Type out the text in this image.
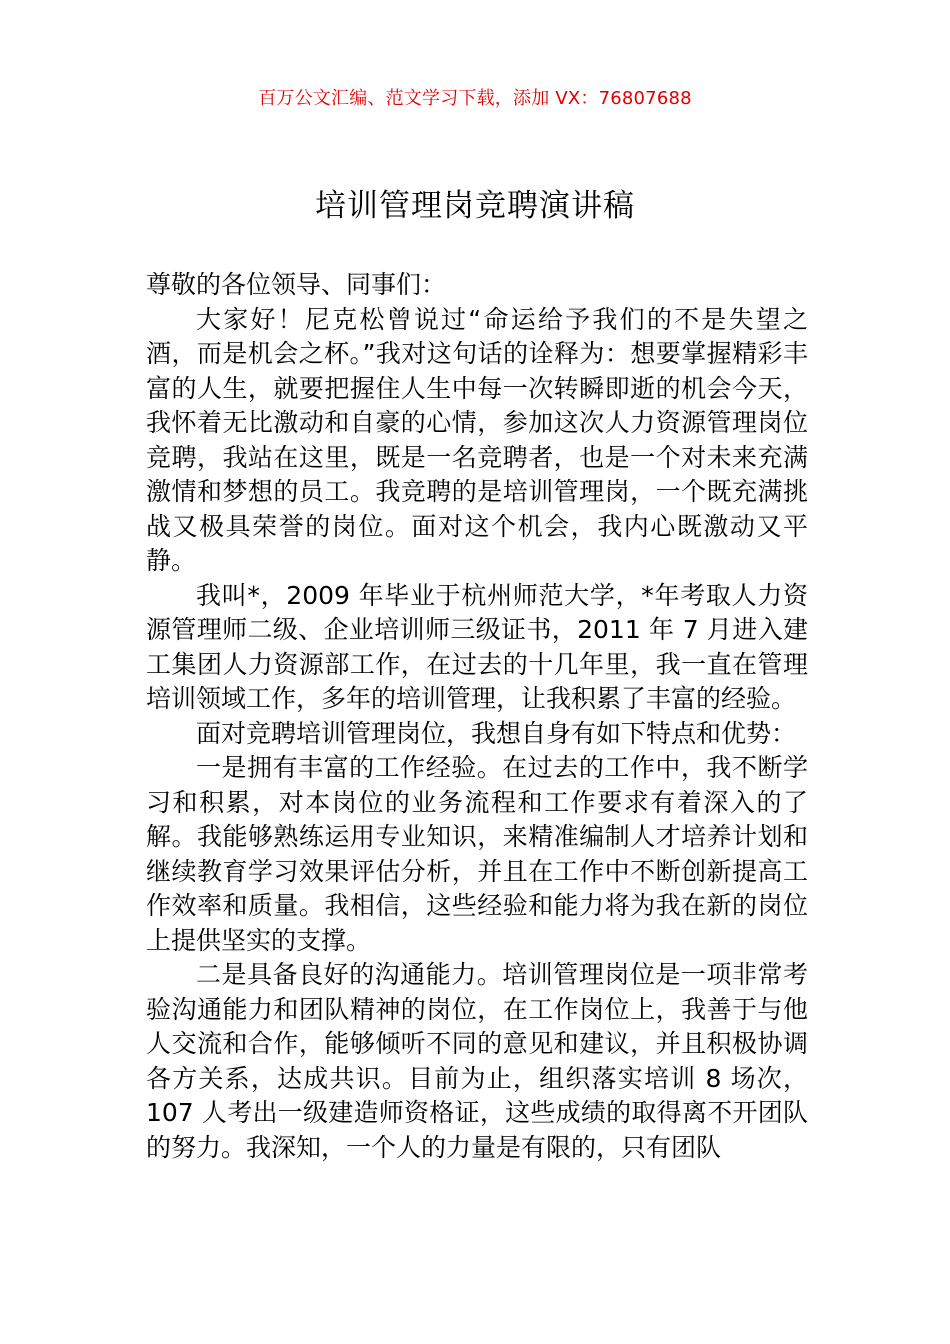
百万公文汇编、范文学习下载，添加 VX：76807688
培训管理岗竞聘演讲稿

尊敬的各位领导、同事们：

大家好！尼克松曾说过“命运给予我们的不是失望之酒，而是机会之杯。”我对这句话的诠释为：想要掌握精彩丰富的人生，就要把握住人生中每一次转瞬即逝的机会今天，我怀着无比激动和自豪的心情，参加这次人力资源管理岗位竞聘，我站在这里，既是一名竞聘者，也是一个对未来充满激情和梦想的员工。我竞聘的是培训管理岗，一个既充满挑战又极具荣誉的岗位。面对这个机会，我内心既激动又平静。

我叫*，2009 年毕业于杭州师范大学，*年考取人力资源管理师二级、企业培训师三级证书，2011 年 7 月进入建工集团人力资源部工作，在过去的十几年里，我一直在管理培训领域工作，多年的培训管理，让我积累了丰富的经验。

面对竞聘培训管理岗位，我想自身有如下特点和优势：

一是拥有丰富的工作经验。在过去的工作中，我不断学习和积累，对本岗位的业务流程和工作要求有着深入的了解。我能够熟练运用专业知识，来精准编制人才培养计划和继续教育学习效果评估分析，并且在工作中不断创新提高工作效率和质量。我相信，这些经验和能力将为我在新的岗位上提供坚实的支撑。

二是具备良好的沟通能力。培训管理岗位是一项非常考验沟通能力和团队精神的岗位，在工作岗位上，我善于与他人交流和合作，能够倾听不同的意见和建议，并且积极协调各方关系，达成共识。目前为止，组织落实培训 8 场次，107 人考出一级建造师资格证，这些成绩的取得离不开团队的努力。我深知，一个人的力量是有限的，只有团队
